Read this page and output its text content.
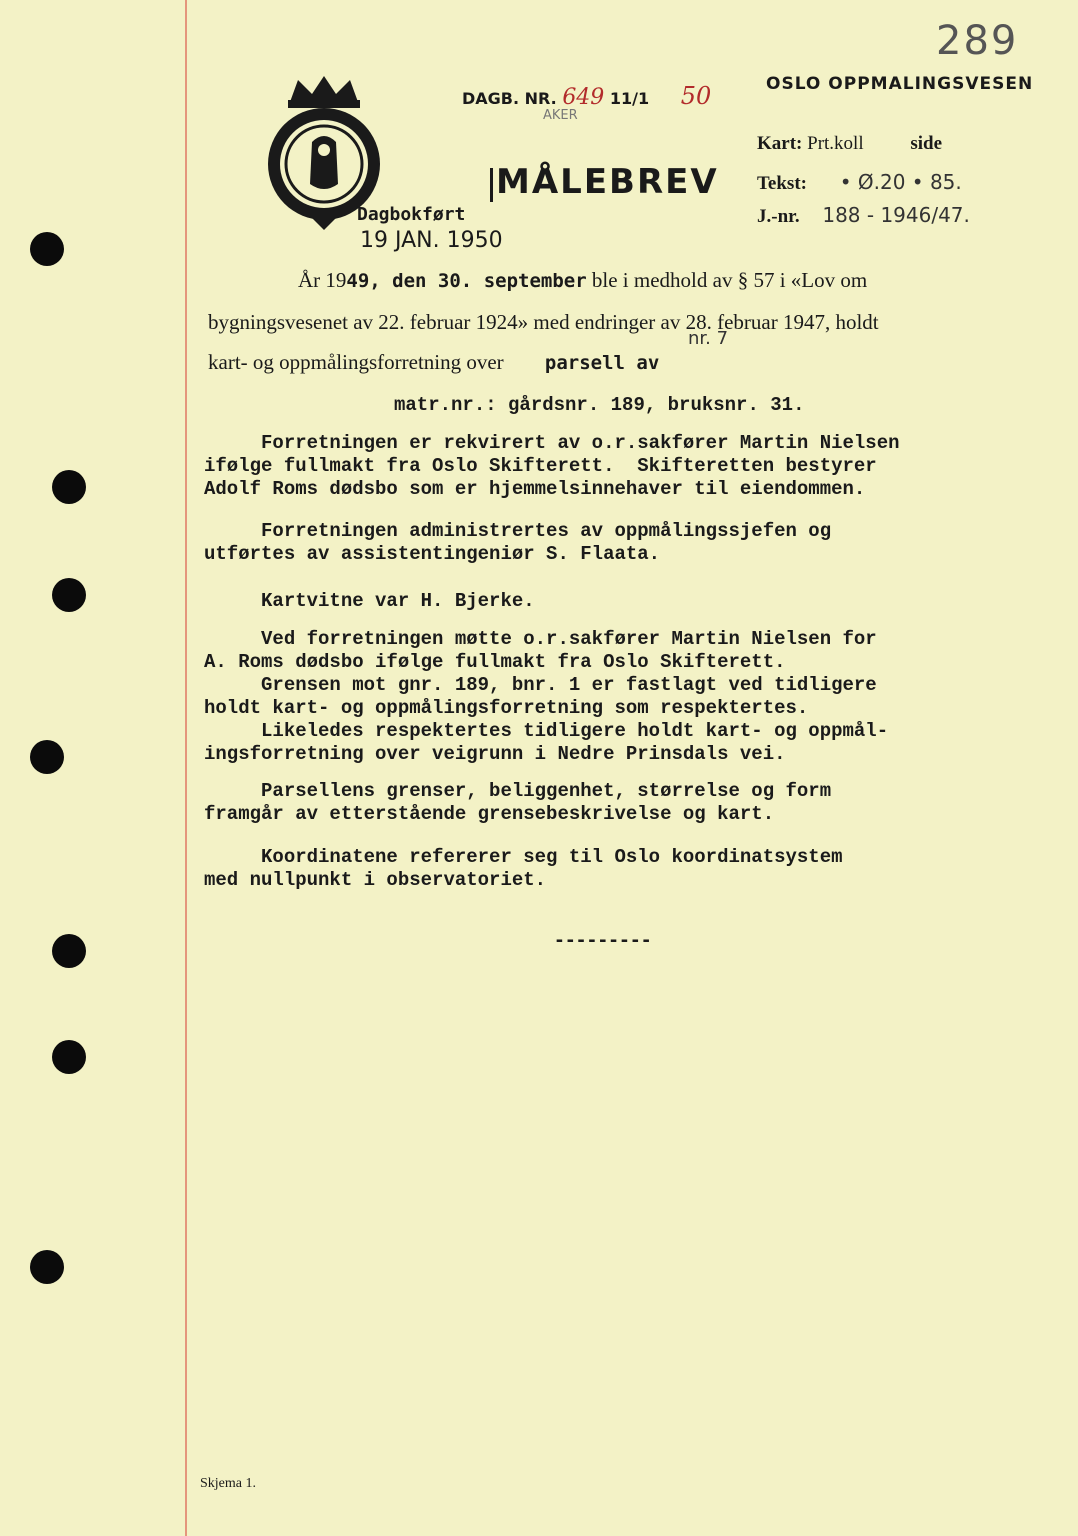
289
DAGB. NR. 649 11/1 50
AKER
OSLO OPPMALINGSVESEN
MÅLEBREV
Kart: Prt.koll side
Tekst: • Ø.20 • 85.
J.-nr. 188 - 1946/47.
Dagbokført
19 JAN. 1950
År 1949, den 30. september ble i medhold av § 57 i «Lov om
bygningsvesenet av 22. februar 1924» med endringer av 28. februar 1947, holdt
nr. 7
kart- og oppmålingsforretning over parsell av
matr.nr.: gårdsnr. 189, bruksnr. 31.
Forretningen er rekvirert av o.r.sakfører Martin Nielsen
ifølge fullmakt fra Oslo Skifterett.  Skifteretten bestyrer
Adolf Roms dødsbo som er hjemmelsinnehaver til eiendommen.
Forretningen administrertes av oppmålingssjefen og
utførtes av assistentingeniør S. Flaata.
Kartvitne var H. Bjerke.
Ved forretningen møtte o.r.sakfører Martin Nielsen for
A. Roms dødsbo ifølge fullmakt fra Oslo Skifterett.
Grensen mot gnr. 189, bnr. 1 er fastlagt ved tidligere
holdt kart- og oppmålingsforretning som respektertes.
Likeledes respektertes tidligere holdt kart- og oppmål-
ingsforretning over veigrunn i Nedre Prinsdals vei.
Parsellens grenser, beliggenhet, størrelse og form
framgår av etterstående grensebeskrivelse og kart.
Koordinatene refererer seg til Oslo koordinatsystem
med nullpunkt i observatoriet.
---------
Skjema 1.
